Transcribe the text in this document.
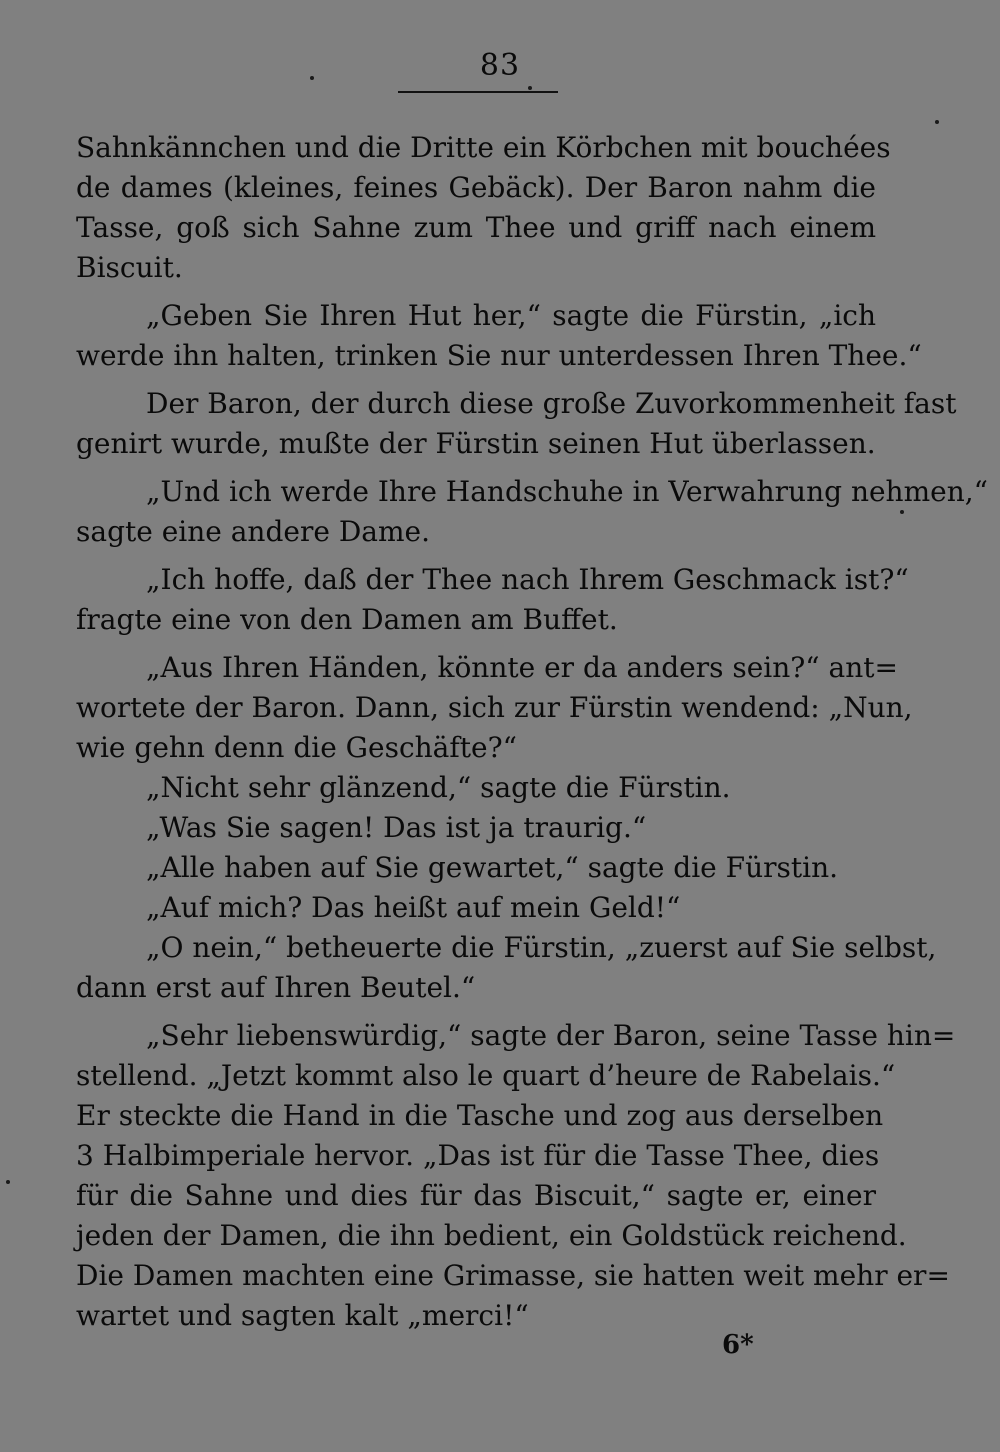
83
Sahnkännchen und die Dritte ein Körbchen mit bouchées
de dames (kleines, feines Gebäck). Der Baron nahm die
Tasse, goß sich Sahne zum Thee und griff nach einem
Biscuit.
„Geben Sie Ihren Hut her,“ sagte die Fürstin, „ich
werde ihn halten, trinken Sie nur unterdessen Ihren Thee.“
Der Baron, der durch diese große Zuvorkommenheit fast
genirt wurde, mußte der Fürstin seinen Hut überlassen.
„Und ich werde Ihre Handschuhe in Verwahrung nehmen,“
sagte eine andere Dame.
„Ich hoffe, daß der Thee nach Ihrem Geschmack ist?“
fragte eine von den Damen am Buffet.
„Aus Ihren Händen, könnte er da anders sein?“ ant=
wortete der Baron. Dann, sich zur Fürstin wendend: „Nun,
wie gehn denn die Geschäfte?“
„Nicht sehr glänzend,“ sagte die Fürstin.
„Was Sie sagen! Das ist ja traurig.“
„Alle haben auf Sie gewartet,“ sagte die Fürstin.
„Auf mich? Das heißt auf mein Geld!“
„O nein,“ betheuerte die Fürstin, „zuerst auf Sie selbst,
dann erst auf Ihren Beutel.“
„Sehr liebenswürdig,“ sagte der Baron, seine Tasse hin=
stellend. „Jetzt kommt also le quart d’heure de Rabelais.“
Er steckte die Hand in die Tasche und zog aus derselben
3 Halbimperiale hervor. „Das ist für die Tasse Thee, dies
für die Sahne und dies für das Biscuit,“ sagte er, einer
jeden der Damen, die ihn bedient, ein Goldstück reichend.
Die Damen machten eine Grimasse, sie hatten weit mehr er=
wartet und sagten kalt „merci!“
6*
